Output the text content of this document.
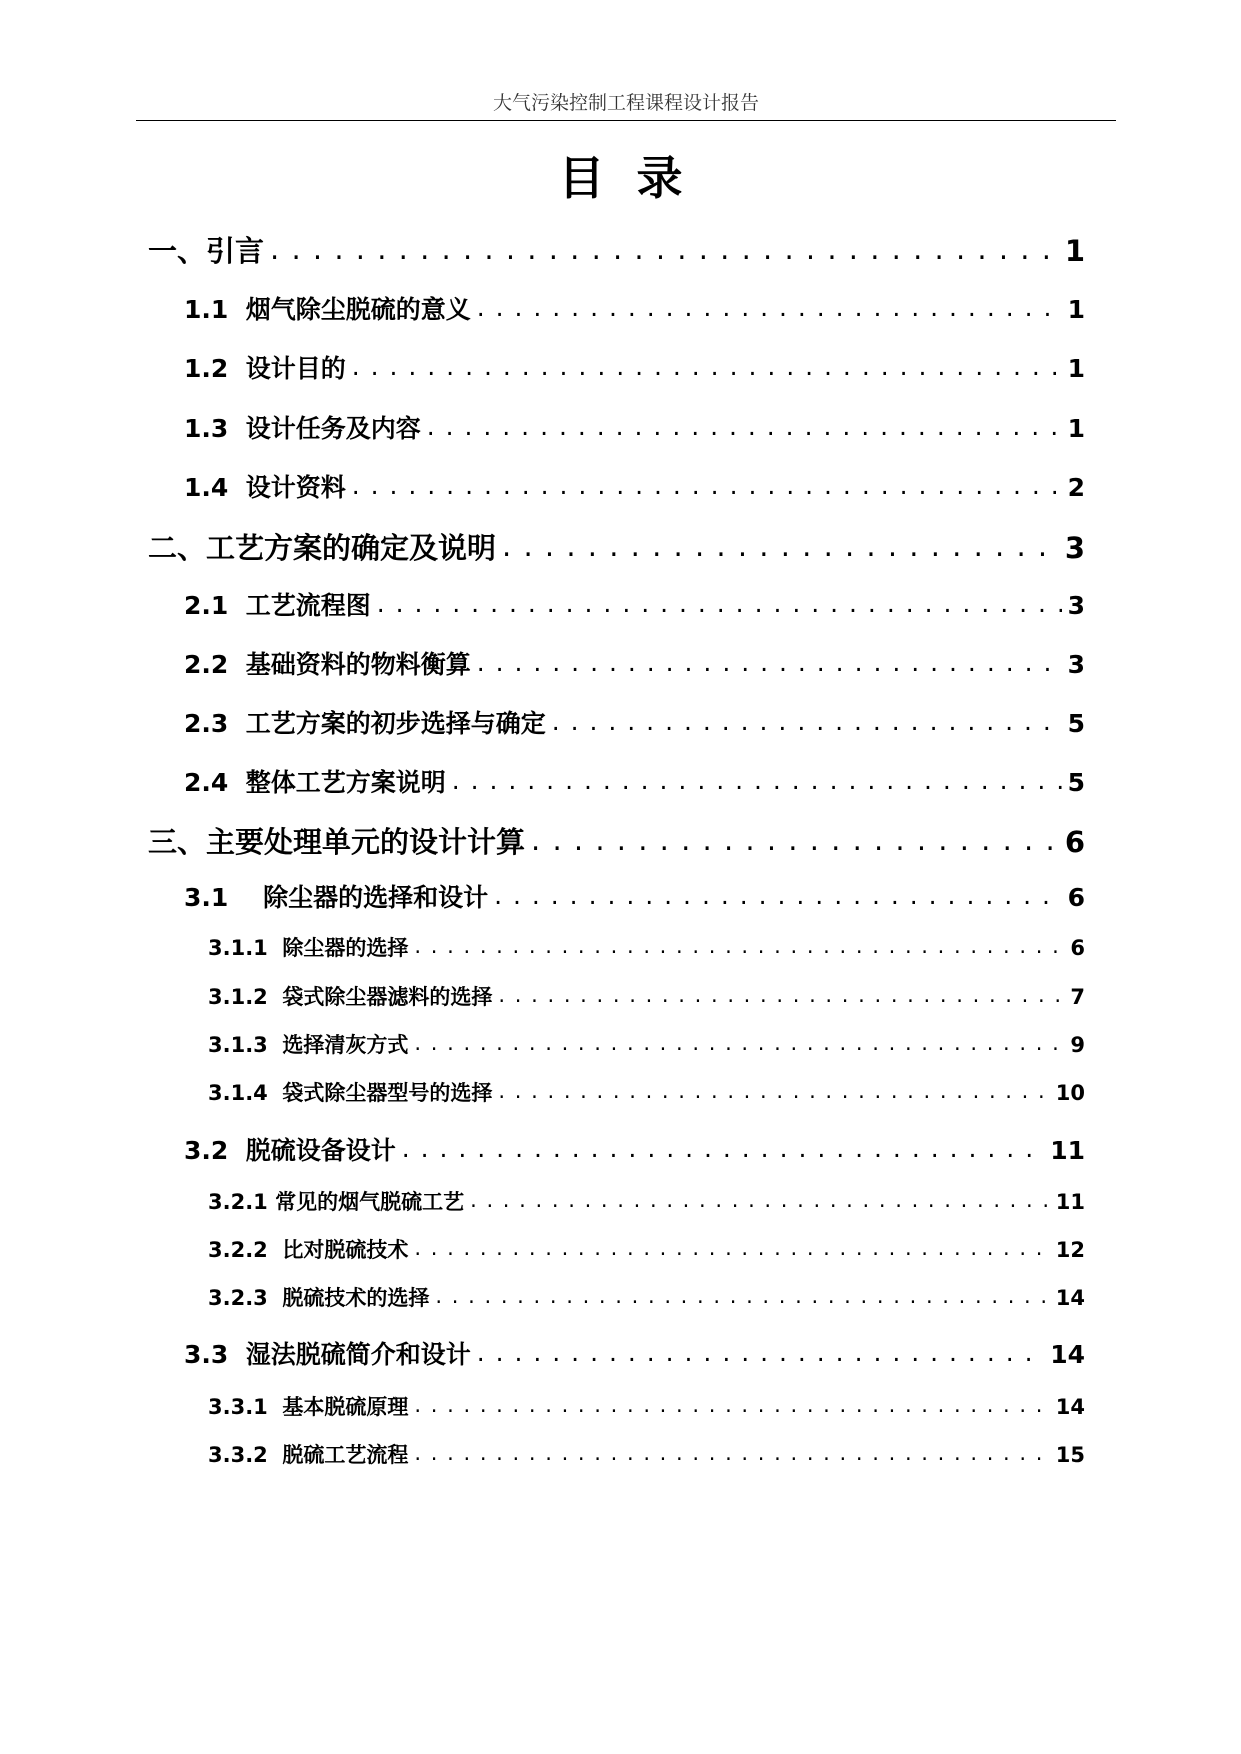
大气污染控制工程课程设计报告
目  录
一、引言 . . .	1
1.1  烟气除尘脱硫的意义 . . .	1
1.2  设计目的 . . .	1
1.3  设计任务及内容 . . .	1
1.4  设计资料 . . .	2
二、工艺方案的确定及说明 . . .	3
2.1  工艺流程图 . . .	3
2.2  基础资料的物料衡算 . . .	3
2.3  工艺方案的初步选择与确定 . . .	5
2.4  整体工艺方案说明 . . .	5
三、主要处理单元的设计计算 . . .	6
3.1    除尘器的选择和设计 . . .	6
3.1.1  除尘器的选择 . . .	6
3.1.2  袋式除尘器滤料的选择 . . .	7
3.1.3  选择清灰方式 . . .	9
3.1.4  袋式除尘器型号的选择 . . .	10
3.2  脱硫设备设计 . . .	11
3.2.1 常见的烟气脱硫工艺 . . .	11
3.2.2  比对脱硫技术 . . .	12
3.2.3  脱硫技术的选择 . . .	14
3.3  湿法脱硫简介和设计 . . .	14
3.3.1  基本脱硫原理 . . .	14
3.3.2  脱硫工艺流程 . . .	15
